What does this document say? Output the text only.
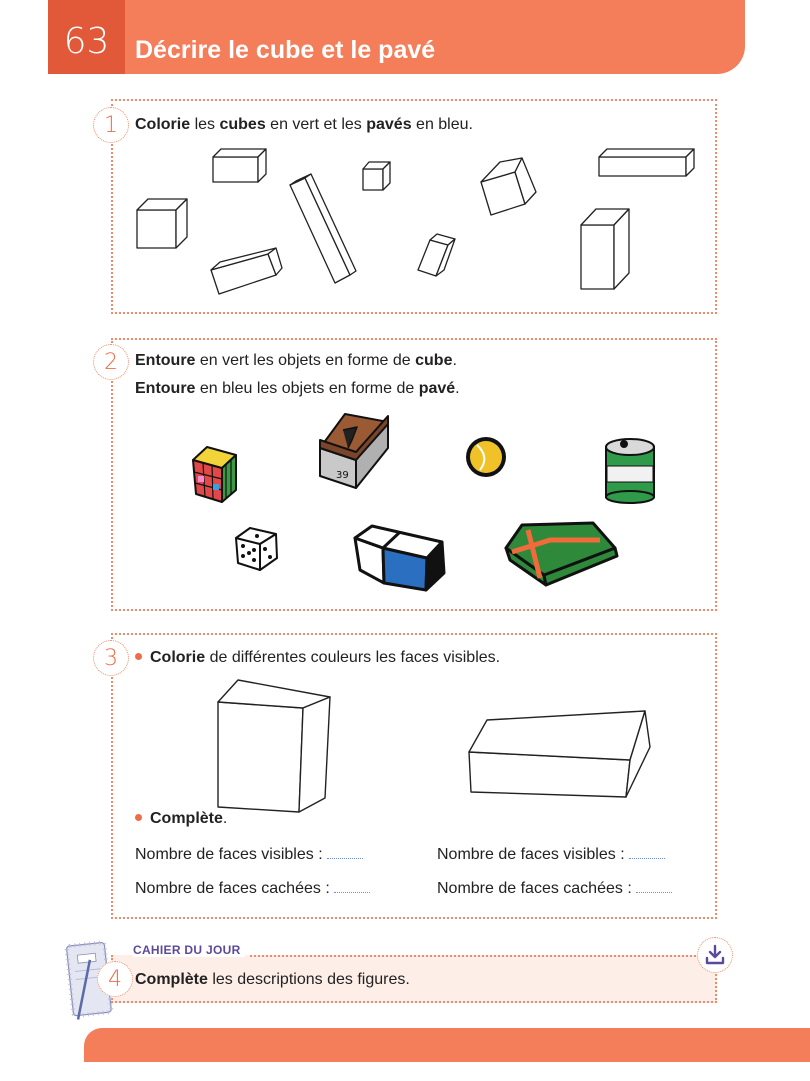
63	Décrire le cube et le pavé
1	Colorie les cubes en vert et les pavés en bleu.
2	Entoure en vert les objets en forme de cube.
Entoure en bleu les objets en forme de pavé.
39
3	Colorie de différentes couleurs les faces visibles.
Complète.
Nombre de faces visibles :
Nombre de faces cachées :
Nombre de faces visibles :
Nombre de faces cachées :
CAHIER DU JOUR
4 Complète les descriptions des figures.
